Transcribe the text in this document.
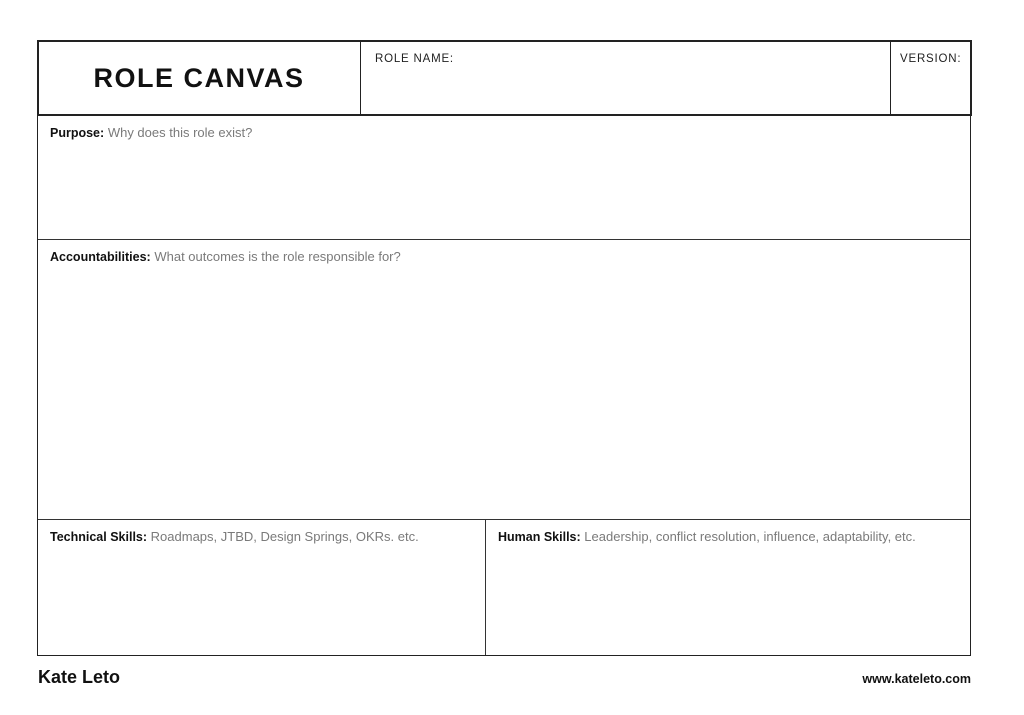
ROLE CANVAS
ROLE NAME:	VERSION:
Purpose: Why does this role exist?
Accountabilities: What outcomes is the role responsible for?
Technical Skills: Roadmaps, JTBD, Design Springs, OKRs. etc.	Human Skills: Leadership, conflict resolution, influence, adaptability, etc.
Kate Leto	www.kateleto.com
